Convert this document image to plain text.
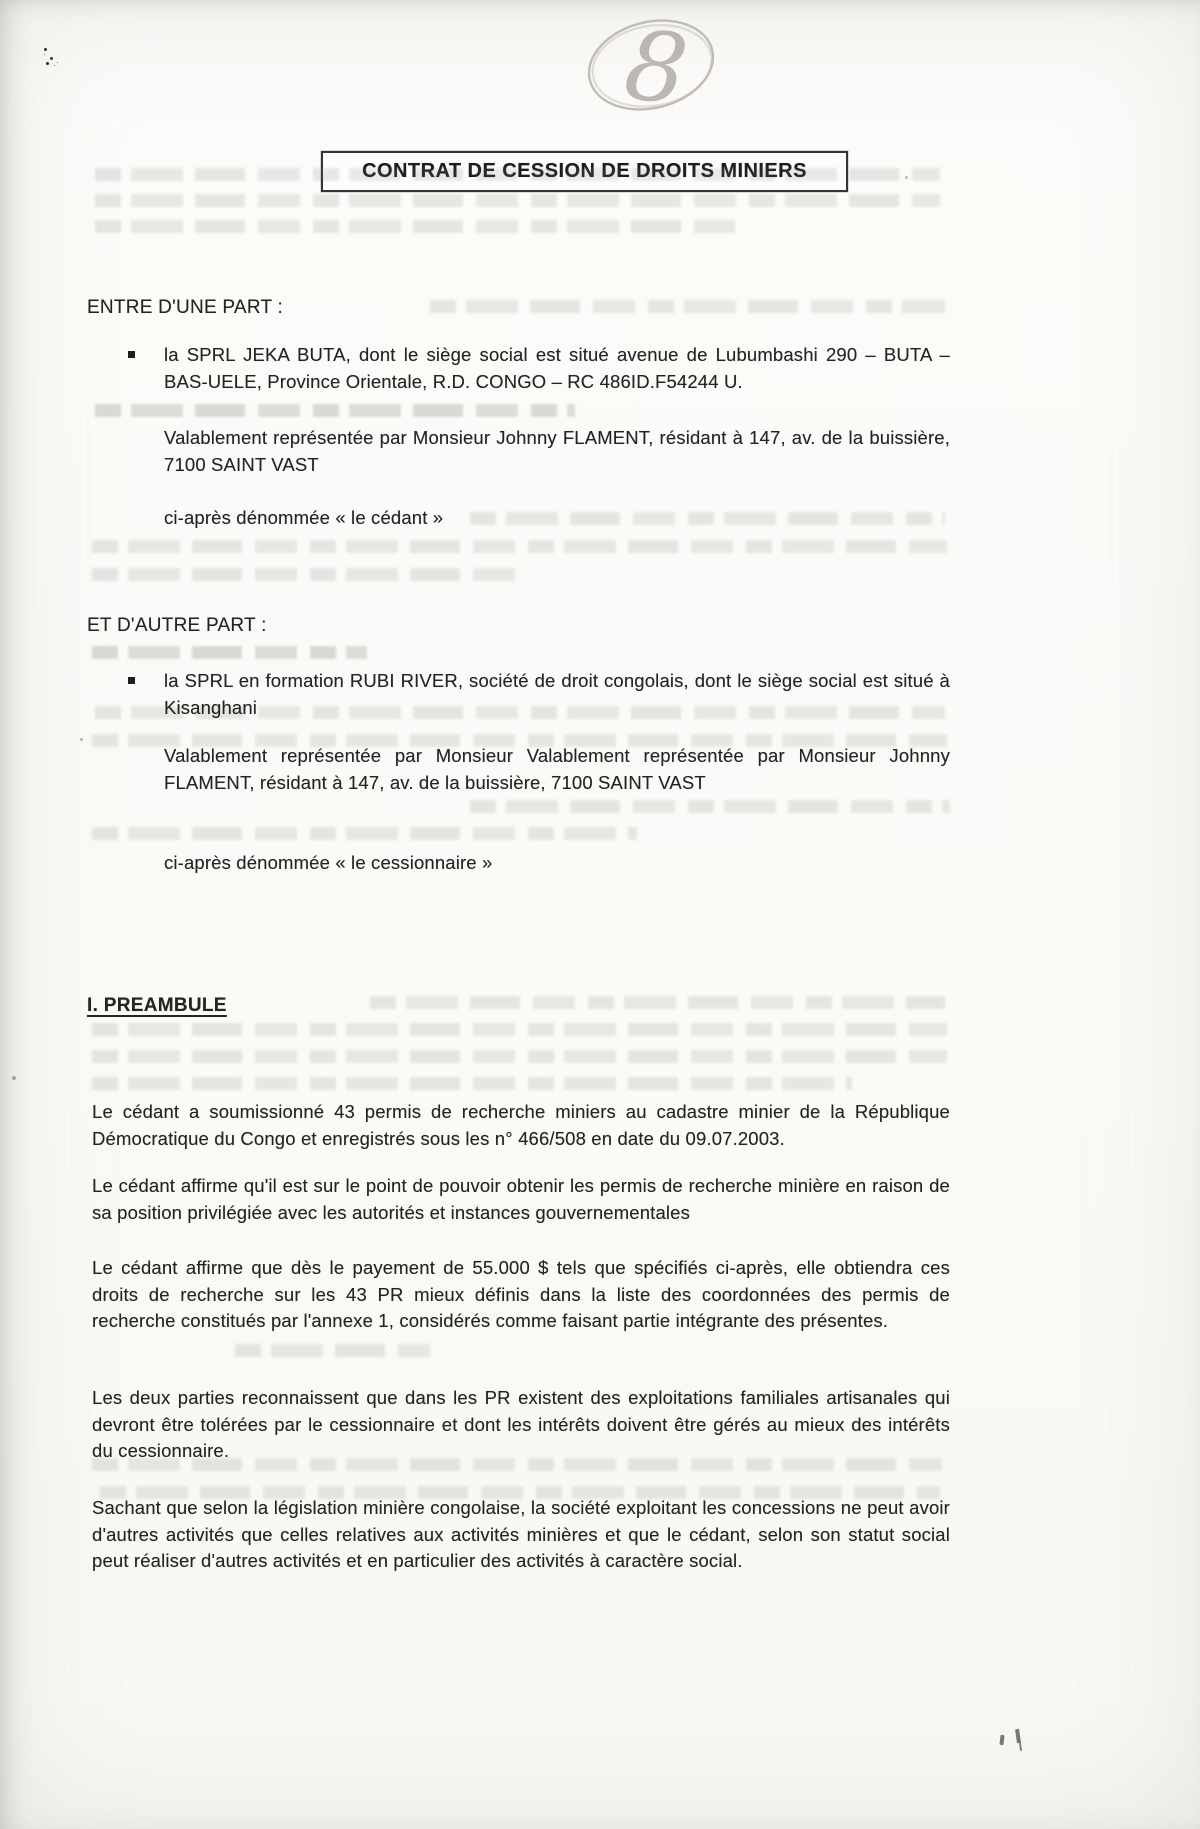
8
CONTRAT DE CESSION DE DROITS MINIERS
ENTRE D'UNE PART :
la SPRL JEKA BUTA, dont le siège social est situé avenue de Lubumbashi 290 – BUTA – BAS-UELE, Province Orientale, R.D. CONGO – RC 486ID.F54244 U.
Valablement représentée par Monsieur Johnny FLAMENT, résidant à 147, av. de la buissière, 7100 SAINT VAST
ci-après dénommée « le cédant »
ET D'AUTRE PART :
la SPRL en formation RUBI RIVER, société de droit congolais, dont le siège social est situé à Kisanghani
Valablement représentée par Monsieur Valablement représentée par Monsieur Johnny FLAMENT, résidant à 147, av. de la buissière, 7100 SAINT VAST
ci-après dénommée « le cessionnaire »
I. PREAMBULE
Le cédant a soumissionné 43 permis de recherche miniers au cadastre minier de la République Démocratique du Congo et enregistrés sous les n° 466/508 en date du 09.07.2003.
Le cédant affirme qu'il est sur le point de pouvoir obtenir les permis de recherche minière en raison de sa position privilégiée avec les autorités et instances gouvernementales
Le cédant affirme que dès le payement de 55.000 $ tels que spécifiés ci-après, elle obtiendra ces droits de recherche sur les 43 PR mieux définis dans la liste des coordonnées des permis de recherche constitués par l'annexe 1, considérés comme faisant partie intégrante des présentes.
Les deux parties reconnaissent que dans les PR existent des exploitations familiales artisanales qui devront être tolérées par le cessionnaire et dont les intérêts doivent être gérés au mieux des intérêts du cessionnaire.
Sachant que selon la législation minière congolaise, la société exploitant les concessions ne peut avoir d'autres activités que celles relatives aux activités minières et que le cédant, selon son statut social peut réaliser d'autres activités et en particulier des activités à caractère social.
